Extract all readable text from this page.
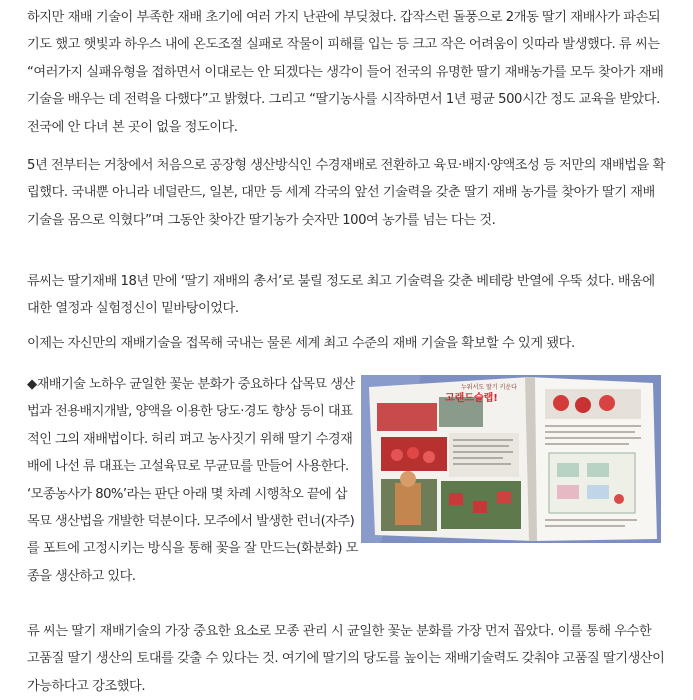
하지만 재배 기술이 부족한 재배 초기에 여러 가지 난관에 부딪쳤다. 갑작스런 돌풍으로 2개동 딸기 재배사가 파손되기도 했고 햇빛과 하우스 내에 온도조절 실패로 작물이 피해를 입는 등 크고 작은 어려움이 잇따라 발생했다. 류 씨는 “여러가지 실패유형을 접하면서 이대로는 안 되겠다는 생각이 들어 전국의 유명한 딸기 재배농가를 모두 찾아가 재배기술을 배우는 데 전력을 다했다”고 밝혔다. 그리고 “딸기농사를 시작하면서 1년 평균 500시간 정도 교육을 받았다. 전국에 안 다녀 본 곳이 없을 정도이다.

5년 전부터는 거창에서 처음으로 공장형 생산방식인 수경재배로 전환하고 육묘·배지·양액조성 등 저만의 재배법을 확립했다. 국내뿐 아니라 네덜란드, 일본, 대만 등 세계 각국의 앞선 기술력을 갖춘 딸기 재배 농가를 찾아가 딸기 재배 기술을 몸으로 익혔다”며 그동안 찾아간 딸기농가 숫자만 100여 농가를 넘는 다는 것.

류씨는 딸기재배 18년 만에 ‘딸기 재배의 총서’로 불릴 정도로 최고 기술력을 갖춘 베테랑 반열에 우뚝 섰다. 배움에 대한 열정과 실험정신이 밑바탕이었다.

이제는 자신만의 재배기술을 접목해 국내는 물론 세계 최고 수준의 재배 기술을 확보할 수 있게 됐다.

◆재배기술 노하우 균일한 꽃눈 분화가 중요하다 삽목묘 생산법과 전용배지개발, 양액을 이용한 당도·경도 향상 등이 대표적인 그의 재배법이다. 허리 펴고 농사짓기 위해 딸기 수경재배에 나선 류 대표는 고설육묘로 무균묘를 만들어 사용한다. ‘모종농사가 80%’라는 판단 아래 몇 차례 시행착오 끝에 삽목묘 생산법을 개발한 덕분이다. 모주에서 발생한 런너(자주)를 포트에 고정시키는 방식을 통해 꽃을 잘 만드는(화분화) 모종을 생산하고 있다.

누워서도 딸기 키운다
고랜드슬랩!

류 씨는 딸기 재배기술의 가장 중요한 요소로 모종 관리 시 균일한 꽃눈 분화를 가장 먼저 꼽았다. 이를 통해 우수한 고품질 딸기 생산의 토대를 갖출 수 있다는 것. 여기에 딸기의 당도를 높이는 재배기술력도 갖춰야 고품질 딸기생산이 가능하다고 강조했다.
